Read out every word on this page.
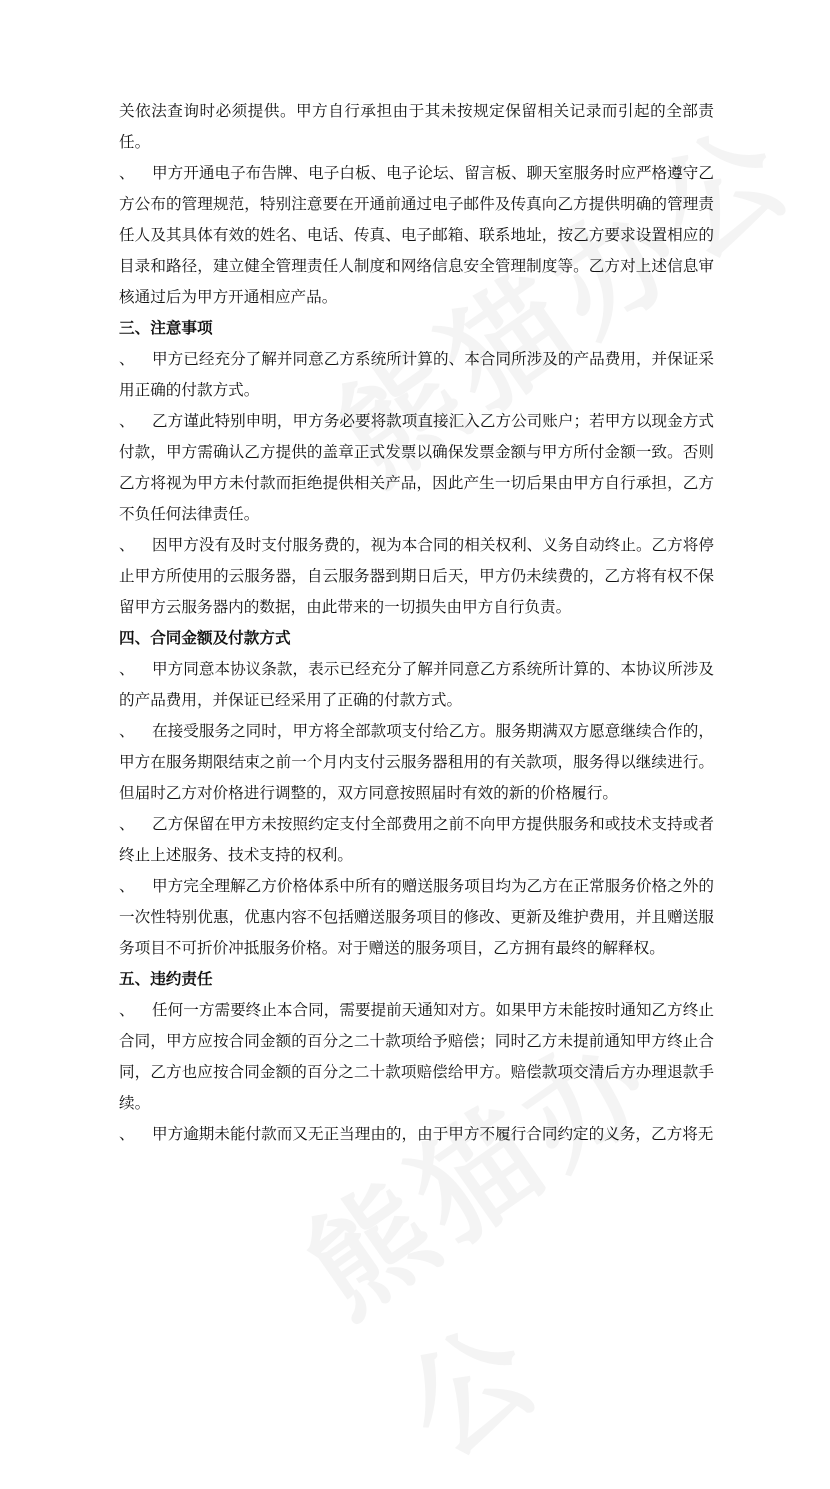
关依法查询时必须提供。甲方自行承担由于其未按规定保留相关记录而引起的全部责任。

、 甲方开通电子布告牌、电子白板、电子论坛、留言板、聊天室服务时应严格遵守乙方公布的管理规范，特别注意要在开通前通过电子邮件及传真向乙方提供明确的管理责任人及其具体有效的姓名、电话、传真、电子邮箱、联系地址，按乙方要求设置相应的目录和路径，建立健全管理责任人制度和网络信息安全管理制度等。乙方对上述信息审核通过后为甲方开通相应产品。

三、注意事项

、 甲方已经充分了解并同意乙方系统所计算的、本合同所涉及的产品费用，并保证采用正确的付款方式。

、 乙方谨此特别申明，甲方务必要将款项直接汇入乙方公司账户；若甲方以现金方式付款，甲方需确认乙方提供的盖章正式发票以确保发票金额与甲方所付金额一致。否则乙方将视为甲方未付款而拒绝提供相关产品，因此产生一切后果由甲方自行承担，乙方不负任何法律责任。

、 因甲方没有及时支付服务费的，视为本合同的相关权利、义务自动终止。乙方将停止甲方所使用的云服务器，自云服务器到期日后天，甲方仍未续费的，乙方将有权不保留甲方云服务器内的数据，由此带来的一切损失由甲方自行负责。

四、合同金额及付款方式

、 甲方同意本协议条款，表示已经充分了解并同意乙方系统所计算的、本协议所涉及的产品费用，并保证已经采用了正确的付款方式。

、 在接受服务之同时，甲方将全部款项支付给乙方。服务期满双方愿意继续合作的，甲方在服务期限结束之前一个月内支付云服务器租用的有关款项，服务得以继续进行。但届时乙方对价格进行调整的，双方同意按照届时有效的新的价格履行。

、 乙方保留在甲方未按照约定支付全部费用之前不向甲方提供服务和或技术支持或者终止上述服务、技术支持的权利。

、 甲方完全理解乙方价格体系中所有的赠送服务项目均为乙方在正常服务价格之外的一次性特别优惠，优惠内容不包括赠送服务项目的修改、更新及维护费用，并且赠送服务项目不可折价冲抵服务价格。对于赠送的服务项目，乙方拥有最终的解释权。

五、违约责任

、 任何一方需要终止本合同，需要提前天通知对方。如果甲方未能按时通知乙方终止合同，甲方应按合同金额的百分之二十款项给予赔偿；同时乙方未提前通知甲方终止合同，乙方也应按合同金额的百分之二十款项赔偿给甲方。赔偿款项交清后方办理退款手续。

、 甲方逾期未能付款而又无正当理由的，由于甲方不履行合同约定的义务，乙方将无
